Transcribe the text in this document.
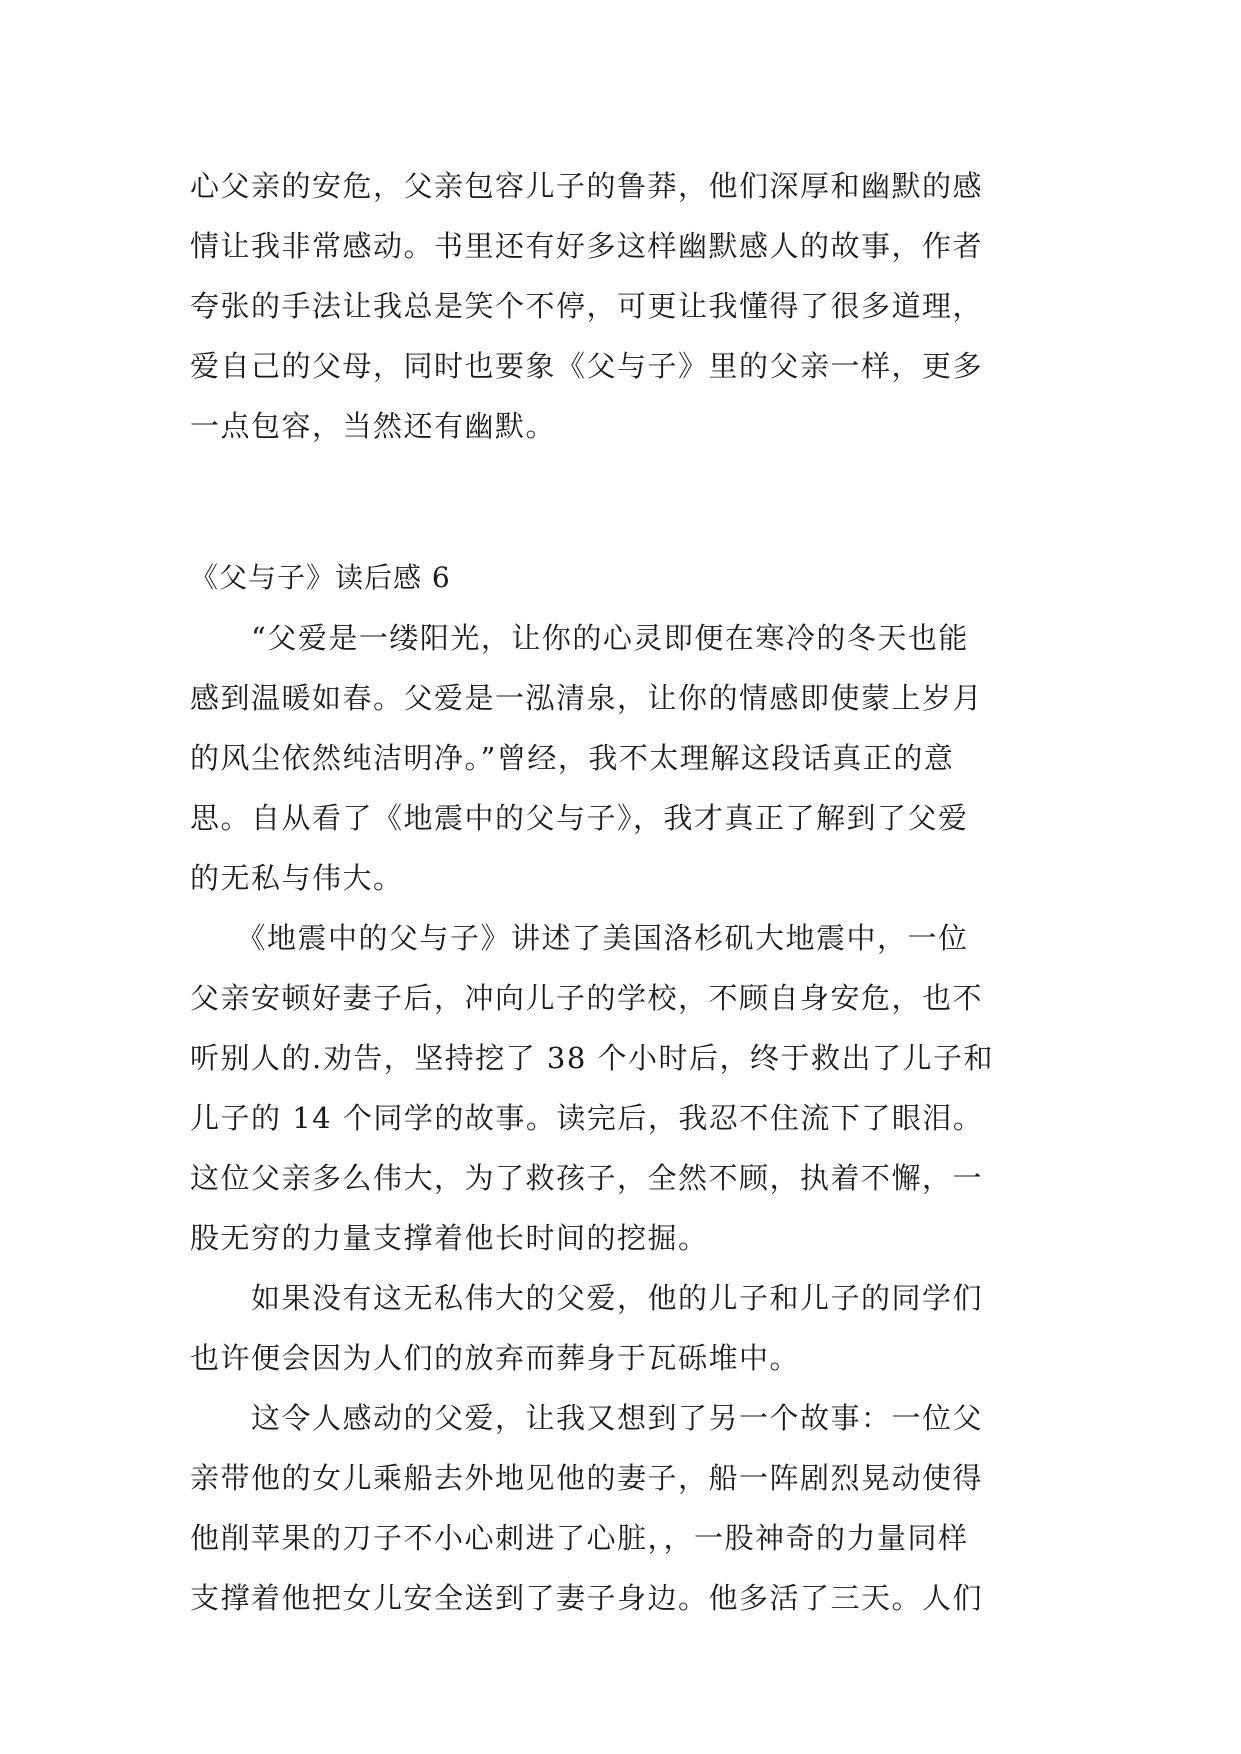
心父亲的安危，父亲包容儿子的鲁莽，他们深厚和幽默的感
情让我非常感动。书里还有好多这样幽默感人的故事，作者
夸张的手法让我总是笑个不停，可更让我懂得了很多道理，
爱自己的父母，同时也要象《父与子》里的父亲一样，更多
一点包容，当然还有幽默。
《父与子》读后感 6
　　“父爱是一缕阳光，让你的心灵即便在寒冷的冬天也能
感到温暖如春。父爱是一泓清泉，让你的情感即使蒙上岁月
的风尘依然纯洁明净。”曾经，我不太理解这段话真正的意
思。自从看了《地震中的父与子》，我才真正了解到了父爱
的无私与伟大。
　　《地震中的父与子》讲述了美国洛杉矶大地震中，一位
父亲安顿好妻子后，冲向儿子的学校，不顾自身安危，也不
听别人的.劝告，坚持挖了 38 个小时后，终于救出了儿子和
儿子的 14 个同学的故事。读完后，我忍不住流下了眼泪。
这位父亲多么伟大，为了救孩子，全然不顾，执着不懈，一
股无穷的力量支撑着他长时间的挖掘。
　　如果没有这无私伟大的父爱，他的儿子和儿子的同学们
也许便会因为人们的放弃而葬身于瓦砾堆中。
　　这令人感动的父爱，让我又想到了另一个故事：一位父
亲带他的女儿乘船去外地见他的妻子，船一阵剧烈晃动使得
他削苹果的刀子不小心刺进了心脏，，一股神奇的力量同样
支撑着他把女儿安全送到了妻子身边。他多活了三天。人们
